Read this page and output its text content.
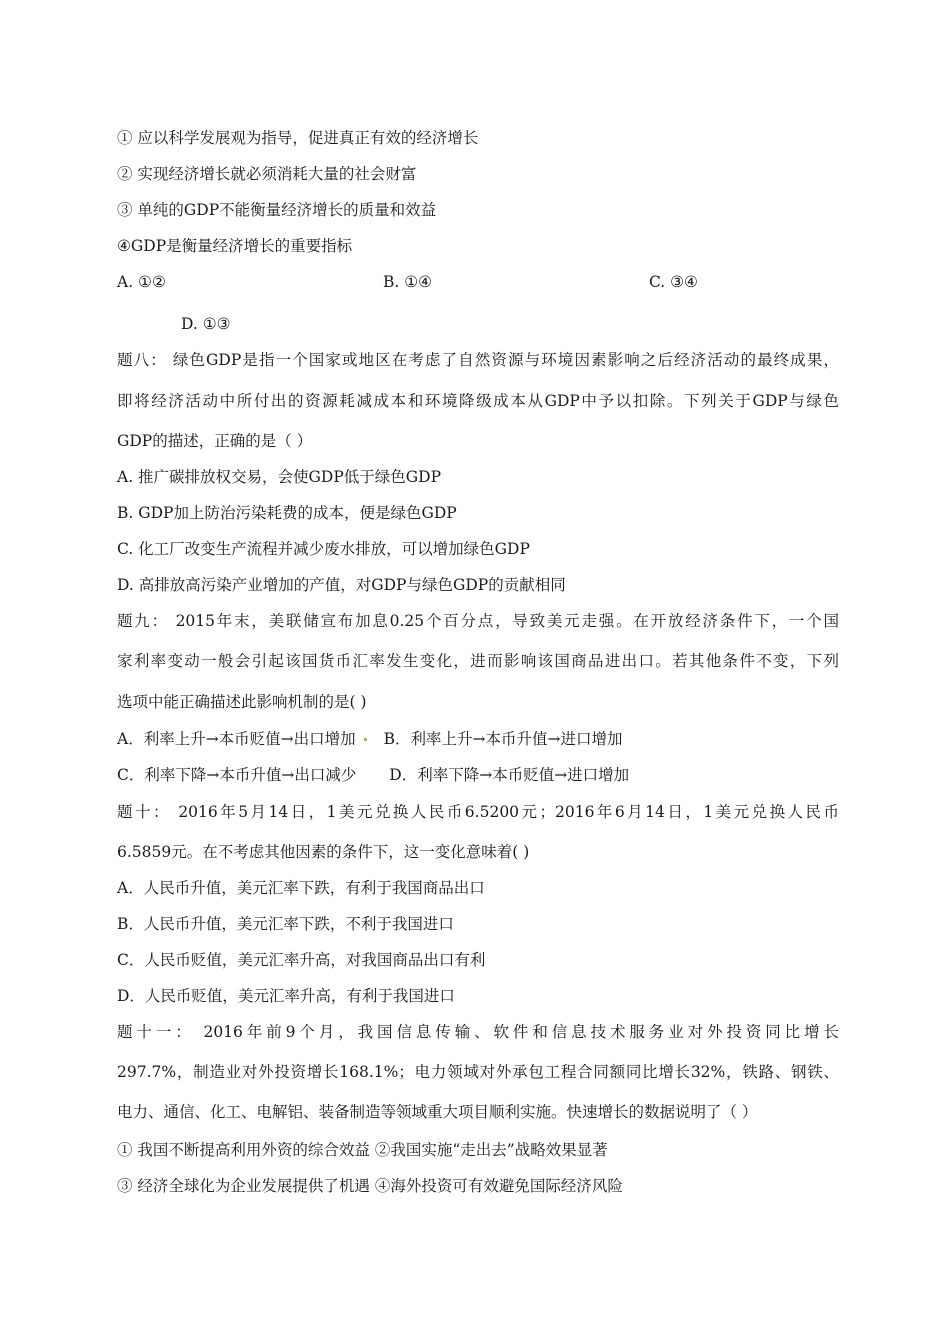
① 应以科学发展观为指导，促进真正有效的经济增长
② 实现经济增长就必须消耗大量的社会财富
③ 单纯的GDP不能衡量经济增长的质量和效益
④GDP是衡量经济增长的重要指标
A. ①②	B. ①④	C. ③④
D. ①③
题八： 绿色GDP是指一个国家或地区在考虑了自然资源与环境因素影响之后经济活动的最终成果，
即将经济活动中所付出的资源耗减成本和环境降级成本从GDP中予以扣除。下列关于GDP与绿色
GDP的描述，正确的是（ ）
A. 推广碳排放权交易，会使GDP低于绿色GDP
B. GDP加上防治污染耗费的成本，便是绿色GDP
C. 化工厂改变生产流程并减少废水排放，可以增加绿色GDP
D. 高排放高污染产业增加的产值，对GDP与绿色GDP的贡献相同
题九： 2015年末，美联储宣布加息0.25个百分点，导致美元走强。在开放经济条件下，一个国
家利率变动一般会引起该国货币汇率发生变化，进而影响该国商品进出口。若其他条件不变，下列
选项中能正确描述此影响机制的是( )
A．利率上升→本币贬值→出口增加 B．利率上升→本币升值→进口增加
C．利率下降→本币升值→出口减少 D．利率下降→本币贬值→进口增加
题十： 2016年5月14日，1美元兑换人民币6.5200元；2016年6月14日，1美元兑换人民币
6.5859元。在不考虑其他因素的条件下，这一变化意味着( )
A．人民币升值，美元汇率下跌，有利于我国商品出口
B．人民币升值，美元汇率下跌，不利于我国进口
C．人民币贬值，美元汇率升高，对我国商品出口有利
D．人民币贬值，美元汇率升高，有利于我国进口
题十一： 2016年前9个月，我国信息传输、软件和信息技术服务业对外投资同比增长
297.7%，制造业对外投资增长168.1%；电力领域对外承包工程合同额同比增长32%，铁路、钢铁、
电力、通信、化工、电解铝、装备制造等领域重大项目顺利实施。快速增长的数据说明了（ ）
① 我国不断提高利用外资的综合效益 ②我国实施“走出去”战略效果显著
③ 经济全球化为企业发展提供了机遇 ④海外投资可有效避免国际经济风险
